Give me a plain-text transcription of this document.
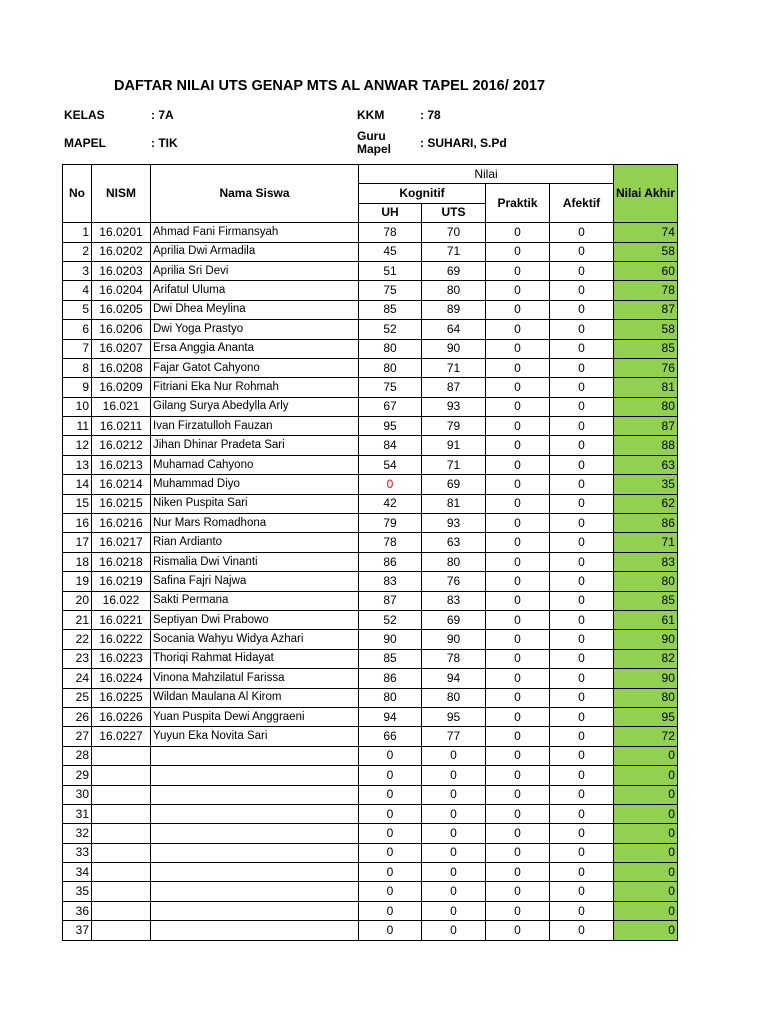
DAFTAR NILAI UTS GENAP MTS AL ANWAR TAPEL 2016/ 2017
KELAS	: 7A	KKM	: 78
MAPEL	: TIK	Guru
Mapel : SUHARI, S.Pd
No	NISM	Nama Siswa	Nilai				Nilai Akhir
			Kognitif		Praktik	Afektif	
			UH	UTS			
1	16.0201	Ahmad Fani Firmansyah	78	70	0	0	74
2	16.0202	Aprilia Dwi Armadila	45	71	0	0	58
3	16.0203	Aprilia Sri Devi	51	69	0	0	60
4	16.0204	Arifatul Uluma	75	80	0	0	78
5	16.0205	Dwi Dhea Meylina	85	89	0	0	87
6	16.0206	Dwi Yoga Prastyo	52	64	0	0	58
7	16.0207	Ersa Anggia Ananta	80	90	0	0	85
8	16.0208	Fajar Gatot Cahyono	80	71	0	0	76
9	16.0209	Fitriani Eka Nur Rohmah	75	87	0	0	81
10	16.021	Gilang Surya Abedylla Arly	67	93	0	0	80
11	16.0211	Ivan Firzatulloh Fauzan	95	79	0	0	87
12	16.0212	Jihan Dhinar Pradeta Sari	84	91	0	0	88
13	16.0213	Muhamad Cahyono	54	71	0	0	63
14	16.0214	Muhammad Diyo	0	69	0	0	35
15	16.0215	Niken Puspita Sari	42	81	0	0	62
16	16.0216	Nur Mars Romadhona	79	93	0	0	86
17	16.0217	Rian Ardianto	78	63	0	0	71
18	16.0218	Rismalia Dwi Vinanti	86	80	0	0	83
19	16.0219	Safina Fajri Najwa	83	76	0	0	80
20	16.022	Sakti Permana	87	83	0	0	85
21	16.0221	Septiyan Dwi Prabowo	52	69	0	0	61
22	16.0222	Socania Wahyu Widya Azhari	90	90	0	0	90
23	16.0223	Thoriqi Rahmat Hidayat	85	78	0	0	82
24	16.0224	Vinona Mahzilatul Farissa	86	94	0	0	90
25	16.0225	Wildan Maulana Al Kirom	80	80	0	0	80
26	16.0226	Yuan Puspita Dewi Anggraeni	94	95	0	0	95
27	16.0227	Yuyun Eka Novita Sari	66	77	0	0	72
28			0	0	0	0	0
29			0	0	0	0	0
30			0	0	0	0	0
31			0	0	0	0	0
32			0	0	0	0	0
33			0	0	0	0	0
34			0	0	0	0	0
35			0	0	0	0	0
36			0	0	0	0	0
37			0	0	0	0	0
